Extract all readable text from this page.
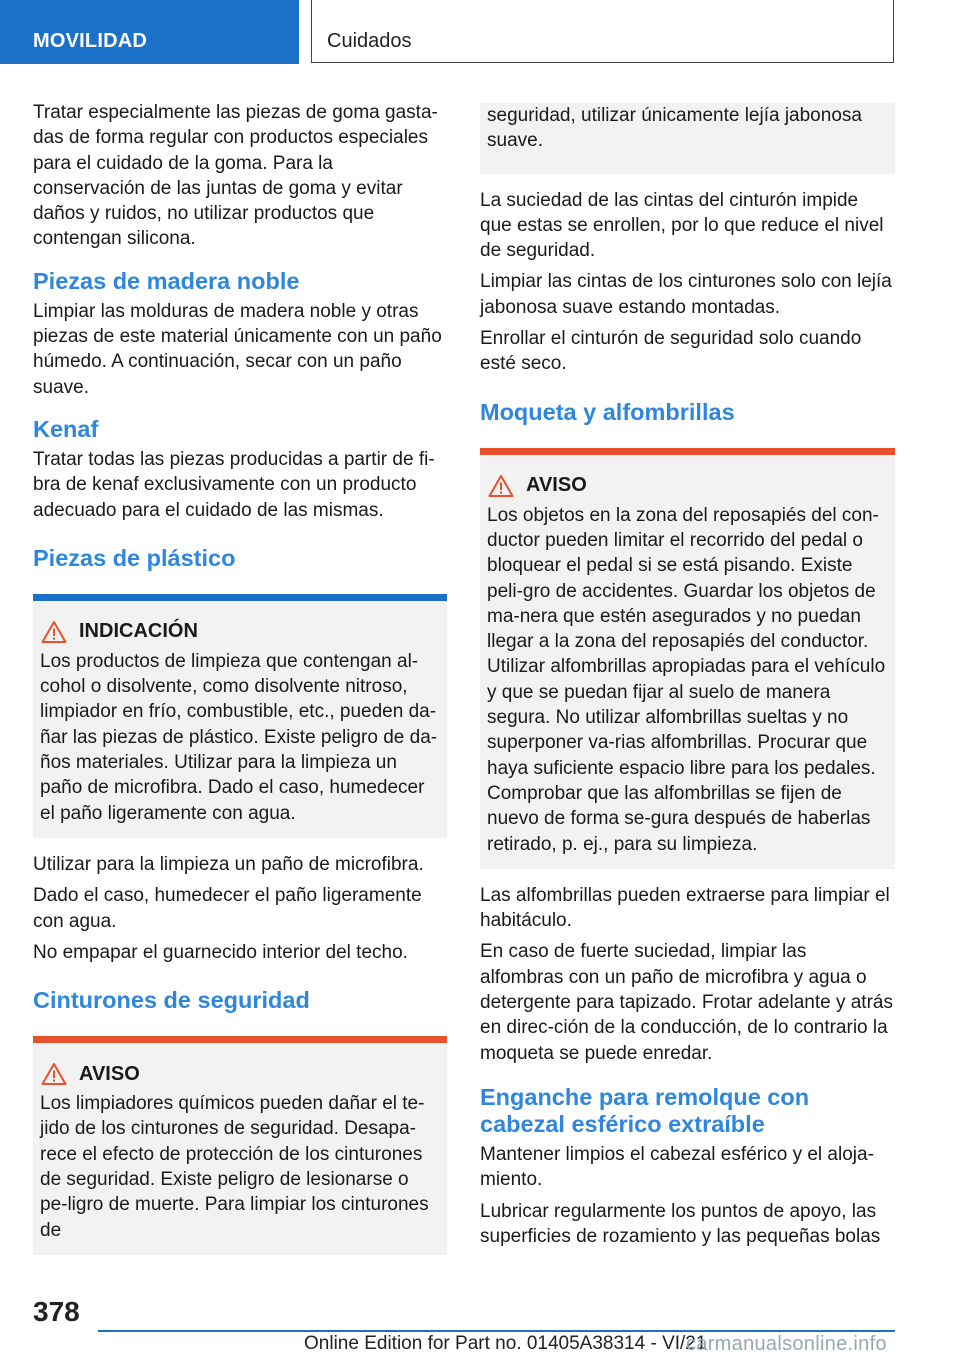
MOVILIDAD	Cuidados

Tratar especialmente las piezas de goma gasta-das de forma regular con productos especiales para el cuidado de la goma. Para la conservación de las juntas de goma y evitar daños y ruidos, no utilizar productos que contengan silicona.

Piezas de madera noble

Limpiar las molduras de madera noble y otras piezas de este material únicamente con un paño húmedo. A continuación, secar con un paño suave.

Kenaf

Tratar todas las piezas producidas a partir de fi-bra de kenaf exclusivamente con un producto adecuado para el cuidado de las mismas.

Piezas de plástico
INDICACIÓN

Los productos de limpieza que contengan al-cohol o disolvente, como disolvente nitroso, limpiador en frío, combustible, etc., pueden da-ñar las piezas de plástico. Existe peligro de da-ños materiales. Utilizar para la limpieza un paño de microfibra. Dado el caso, humedecer el paño ligeramente con agua.

Utilizar para la limpieza un paño de microfibra.

Dado el caso, humedecer el paño ligeramente con agua.

No empapar el guarnecido interior del techo.

Cinturones de seguridad
AVISO

Los limpiadores químicos pueden dañar el te-jido de los cinturones de seguridad. Desapa-rece el efecto de protección de los cinturones de seguridad. Existe peligro de lesionarse o pe-ligro de muerte. Para limpiar los cinturones de

seguridad, utilizar únicamente lejía jabonosa suave.

La suciedad de las cintas del cinturón impide que estas se enrollen, por lo que reduce el nivel de seguridad.

Limpiar las cintas de los cinturones solo con lejía jabonosa suave estando montadas.

Enrollar el cinturón de seguridad solo cuando esté seco.

Moqueta y alfombrillas
AVISO

Los objetos en la zona del reposapiés del con-ductor pueden limitar el recorrido del pedal o bloquear el pedal si se está pisando. Existe peli-gro de accidentes. Guardar los objetos de ma-nera que estén asegurados y no puedan llegar a la zona del reposapiés del conductor. Utilizar alfombrillas apropiadas para el vehículo y que se puedan fijar al suelo de manera segura. No utilizar alfombrillas sueltas y no superponer va-rias alfombrillas. Procurar que haya suficiente espacio libre para los pedales. Comprobar que las alfombrillas se fijen de nuevo de forma se-gura después de haberlas retirado, p. ej., para su limpieza.

Las alfombrillas pueden extraerse para limpiar el habitáculo.

En caso de fuerte suciedad, limpiar las alfombras con un paño de microfibra y agua o detergente para tapizado. Frotar adelante y atrás en direc-ción de la conducción, de lo contrario la moqueta se puede enredar.

Enganche para remolque con cabezal esférico extraíble

Mantener limpios el cabezal esférico y el aloja-miento.

Lubricar regularmente los puntos de apoyo, las superficies de rozamiento y las pequeñas bolas

378
Online Edition for Part no. 01405A38314 - VI/21
carmanualsonline.info
